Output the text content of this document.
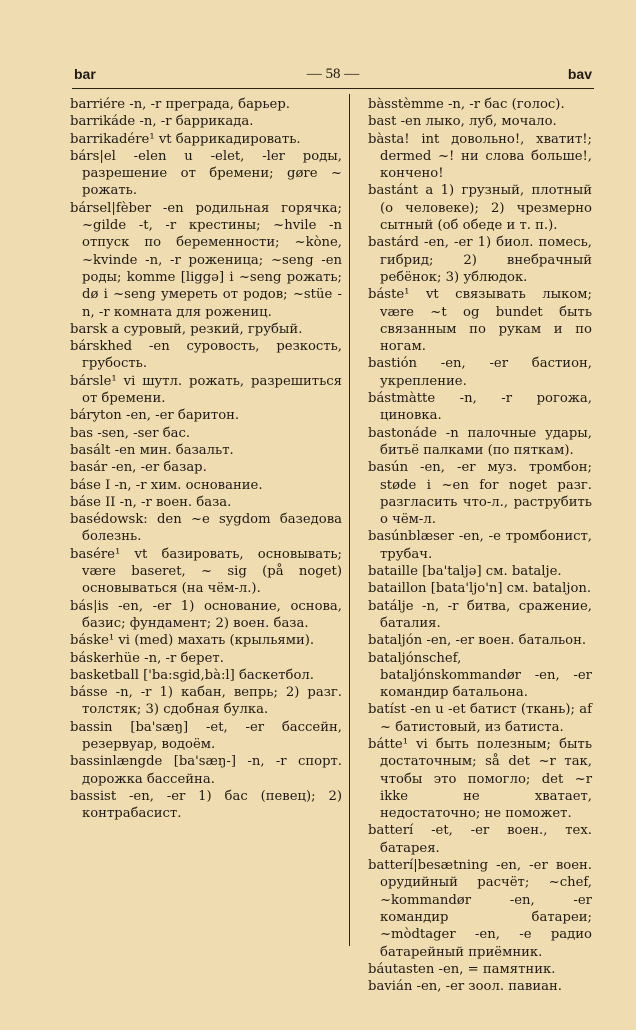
bar	— 58 —	bav
barriére -n, -r преграда, барьер.
barrikáde -n, -r баррикада.
barrikadére¹ vt баррикадировать.
bárs|el -elen u -elet, -ler роды, разрешение от бремени; gøre ~ рожать.
bársel|fèber -en родильная горячка; ~gilde -t, -r крестины; ~hvile -n отпуск по беременности; ~kòne, ~kvinde -n, -r роженица; ~seng -en роды; komme [liggə] i ~seng рожать; dø i ~seng умереть от родов; ~stüe -n, -r комната для рожениц.
barsk a суровый, резкий, грубый.
bárskhed -en суровость, резкость, грубость.
bársle¹ vi шутл. рожать, разрешиться от бремени.
báryton -en, -er баритон.
bas -sen, -ser бас.
basált -en мин. базальт.
basár -en, -er базар.
báse I -n, -r хим. основание.
báse II -n, -r воен. база.
basédowsk: den ~e sygdom базедова болезнь.
basére¹ vt базировать, основывать; være baseret, ~ sig (på noget) основываться (на чём-л.).
bás|is -en, -er 1) основание, основа, базис; фундамент; 2) воен. база.
báske¹ vi (med) махать (крыльями).
báskerhüe -n, -r берет.
basketball ['ba:sgid,bà:l] баскетбол.
básse -n, -r 1) кабан, вепрь; 2) разг. толстяк; 3) сдобная булка.
bassin [ba'sæŋ] -et, -er бассейн, резервуар, водоём.
bassinlængde [ba'sæŋ-] -n, -r спорт. дорожка бассейна.
bassist -en, -er 1) бас (певец); 2) контрабасист.
bàsstèmme -n, -r бас (голос).
bast -en лыко, луб, мочало.
bàsta! int довольно!, хватит!; dermed ~! ни слова больше!, кончено!
bastánt a 1) грузный, плотный (о человеке); 2) чрезмерно сытный (об обеде и т. п.).
bastárd -en, -er 1) биол. помесь, гибрид; 2) внебрачный ребёнок; 3) ублюдок.
báste¹ vt связывать лыком; være ~t og bundet быть связанным по рукам и по ногам.
bastión -en, -er бастион, укрепление.
bástmàtte -n, -r рогожа, циновка.
bastonáde -n палочные удары, битьё палками (по пяткам).
basún -en, -er муз. тромбон; støde i ~en for noget разг. разгласить что-л., раструбить о чём-л.
basúnblæser -en, -e тромбонист, трубач.
bataille [ba'taljə] см. batalje.
bataillon [bata'ljo'n] см. bataljon.
batálje -n, -r битва, сражение, баталия.
bataljón -en, -er воен. батальон.
bataljónschef, bataljónskommandør -en, -er командир батальона.
batíst -en u -et батист (ткань); af ~ батистовый, из батиста.
bátte¹ vi быть полезным; быть достаточным; så det ~r так, чтобы это помогло; det ~r ikke не хватает, недостаточно; не поможет.
batterí -et, -er воен., тех. батарея.
batterí|besætning -en, -er воен. орудийный расчёт; ~chef, ~kommandør -en, -er командир батареи; ~mòdtager -en, -e радио батарейный приёмник.
báutasten -en, = памятник.
bavián -en, -er зоол. павиан.
